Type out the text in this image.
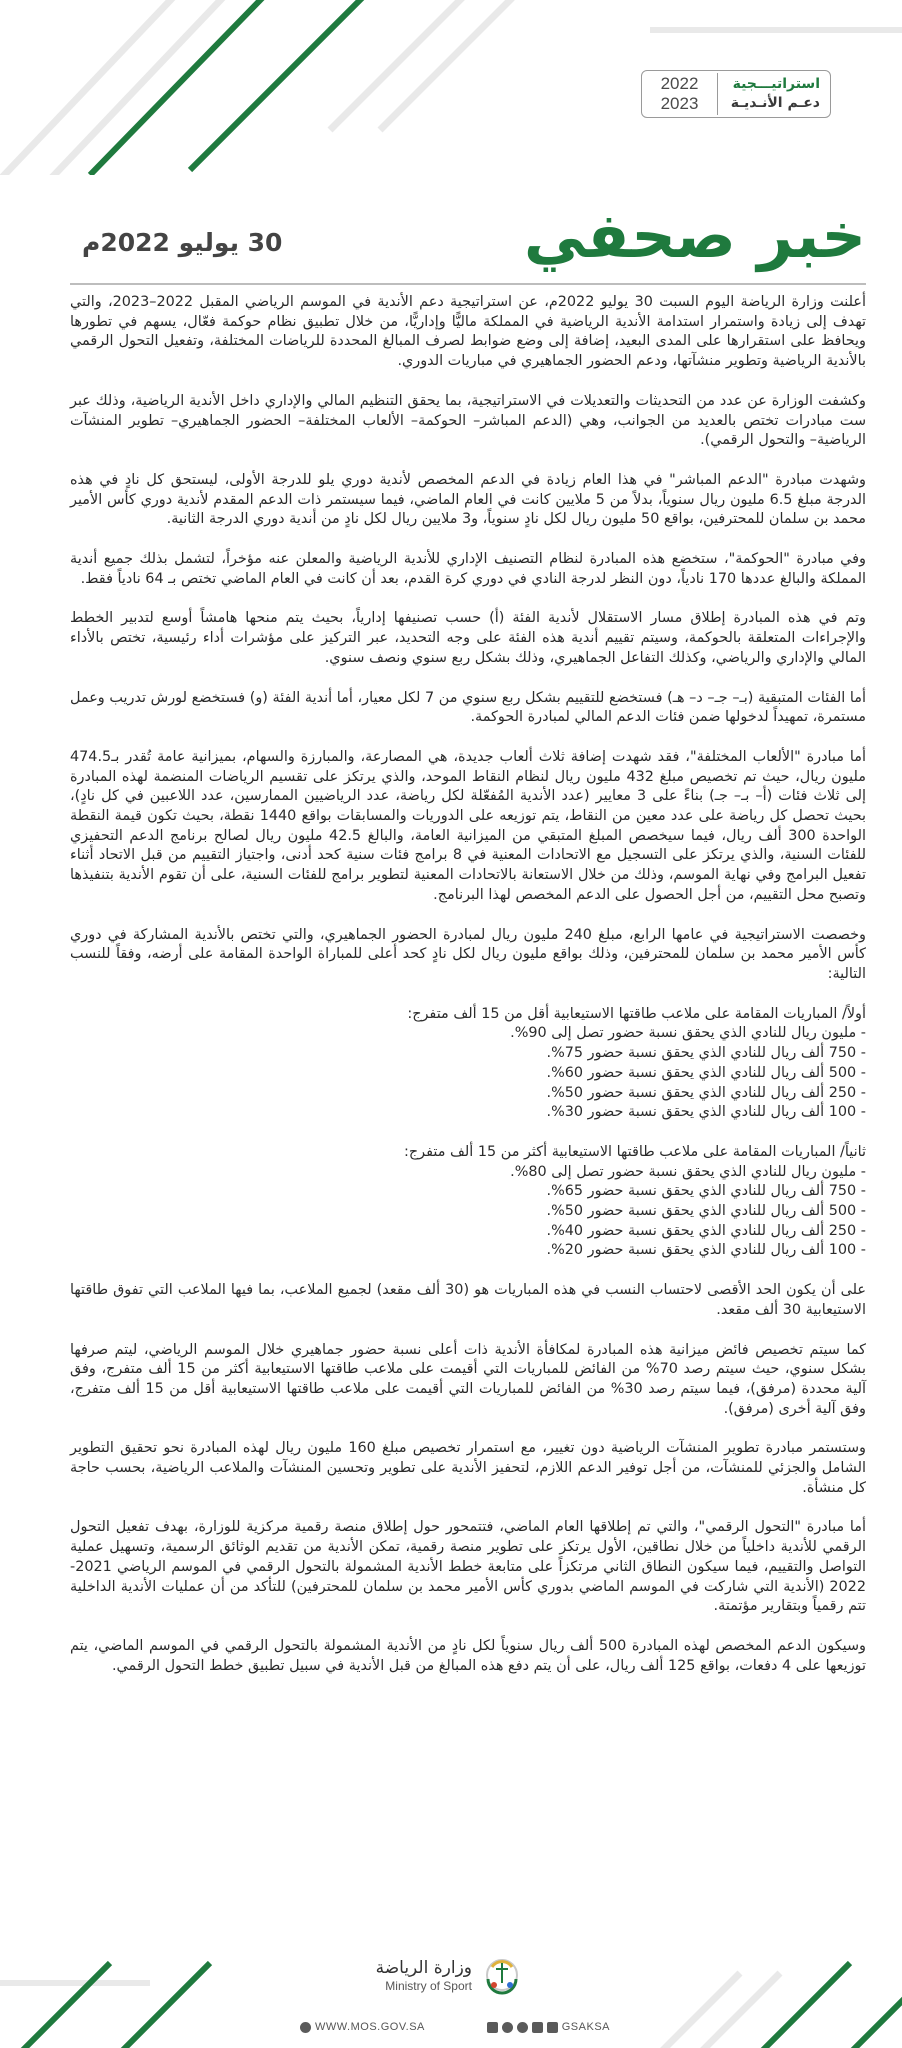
استراتيـــجية
دعـم الأنـديـة
2022
2023
خبر صحفي
30 يوليو 2022م

أعلنت وزارة الرياضة اليوم السبت 30 يوليو 2022م، عن استراتيجية دعم الأندية في الموسم الرياضي المقبل 2022–2023، والتي تهدف إلى زيادة واستمرار استدامة الأندية الرياضية في المملكة ماليًّا وإداريًّا، من خلال تطبيق نظام حوكمة فعّال، يسهم في تطورها ويحافظ على استقرارها على المدى البعيد، إضافة إلى وضع ضوابط لصرف المبالغ المحددة للرياضات المختلفة، وتفعيل التحول الرقمي بالأندية الرياضية وتطوير منشآتها، ودعم الحضور الجماهيري في مباريات الدوري.

وكشفت الوزارة عن عدد من التحديثات والتعديلات في الاستراتيجية، بما يحقق التنظيم المالي والإداري داخل الأندية الرياضية، وذلك عبر ست مبادرات تختص بالعديد من الجوانب، وهي (الدعم المباشر– الحوكمة– الألعاب المختلفة– الحضور الجماهيري– تطوير المنشآت الرياضية– والتحول الرقمي).

وشهدت مبادرة "الدعم المباشر" في هذا العام زيادة في الدعم المخصص لأندية دوري يلو للدرجة الأولى، ليستحق كل نادٍ في هذه الدرجة مبلغ 6.5 مليون ريال سنوياً، بدلاً من 5 ملايين كانت في العام الماضي، فيما سيستمر ذات الدعم المقدم لأندية دوري كأس الأمير محمد بن سلمان للمحترفين، بواقع 50 مليون ريال لكل نادٍ سنوياً، و3 ملايين ريال لكل نادٍ من أندية دوري الدرجة الثانية.

وفي مبادرة "الحوكمة"، ستخضع هذه المبادرة لنظام التصنيف الإداري للأندية الرياضية والمعلن عنه مؤخراً، لتشمل بذلك جميع أندية المملكة والبالغ عددها 170 نادياً، دون النظر لدرجة النادي في دوري كرة القدم، بعد أن كانت في العام الماضي تختص بـ 64 نادياً فقط.

وتم في هذه المبادرة إطلاق مسار الاستقلال لأندية الفئة (أ) حسب تصنيفها إدارياً، بحيث يتم منحها هامشاً أوسع لتدبير الخطط والإجراءات المتعلقة بالحوكمة، وسيتم تقييم أندية هذه الفئة على وجه التحديد، عبر التركيز على مؤشرات أداء رئيسية، تختص بالأداء المالي والإداري والرياضي، وكذلك التفاعل الجماهيري، وذلك بشكل ربع سنوي ونصف سنوي.

أما الفئات المتبقية (بـ– جـ– د– هـ) فستخضع للتقييم بشكل ربع سنوي من 7 لكل معيار، أما أندية الفئة (و) فستخضع لورش تدريب وعمل مستمرة، تمهيداً لدخولها ضمن فئات الدعم المالي لمبادرة الحوكمة.

أما مبادرة "الألعاب المختلفة"، فقد شهدت إضافة ثلاث ألعاب جديدة، هي المصارعة، والمبارزة والسهام، بميزانية عامة تُقدر بـ474.5 مليون ريال، حيث تم تخصيص مبلغ 432 مليون ريال لنظام النقاط الموحد، والذي يرتكز على تقسيم الرياضات المنضمة لهذه المبادرة إلى ثلاث فئات (أ– بـ– جـ) بناءً على 3 معايير (عدد الأندية المُفعّلة لكل رياضة، عدد الرياضيين الممارسين، عدد اللاعبين في كل نادٍ)، بحيث تحصل كل رياضة على عدد معين من النقاط، يتم توزيعه على الدوريات والمسابقات بواقع 1440 نقطة، بحيث تكون قيمة النقطة الواحدة 300 ألف ريال، فيما سيخصص المبلغ المتبقي من الميزانية العامة، والبالغ 42.5 مليون ريال لصالح برنامج الدعم التحفيزي للفئات السنية، والذي يرتكز على التسجيل مع الاتحادات المعنية في 8 برامج فئات سنية كحد أدنى، واجتياز التقييم من قبل الاتحاد أثناء تفعيل البرامج وفي نهاية الموسم، وذلك من خلال الاستعانة بالاتحادات المعنية لتطوير برامج للفئات السنية، على أن تقوم الأندية بتنفيذها وتصبح محل التقييم، من أجل الحصول على الدعم المخصص لهذا البرنامج.

وخصصت الاستراتيجية في عامها الرابع، مبلغ 240 مليون ريال لمبادرة الحضور الجماهيري، والتي تختص بالأندية المشاركة في دوري كأس الأمير محمد بن سلمان للمحترفين، وذلك بواقع مليون ريال لكل نادٍ كحد أعلى للمباراة الواحدة المقامة على أرضه، وفقاً للنسب التالية:

أولاً/ المباريات المقامة على ملاعب طاقتها الاستيعابية أقل من 15 ألف متفرج:

- مليون ريال للنادي الذي يحقق نسبة حضور تصل إلى 90%.
- 750 ألف ريال للنادي الذي يحقق نسبة حضور 75%.
- 500 ألف ريال للنادي الذي يحقق نسبة حضور 60%.
- 250 ألف ريال للنادي الذي يحقق نسبة حضور 50%.
- 100 ألف ريال للنادي الذي يحقق نسبة حضور 30%.

ثانياً/ المباريات المقامة على ملاعب طاقتها الاستيعابية أكثر من 15 ألف متفرج:

- مليون ريال للنادي الذي يحقق نسبة حضور تصل إلى 80%.
- 750 ألف ريال للنادي الذي يحقق نسبة حضور 65%.
- 500 ألف ريال للنادي الذي يحقق نسبة حضور 50%.
- 250 ألف ريال للنادي الذي يحقق نسبة حضور 40%.
- 100 ألف ريال للنادي الذي يحقق نسبة حضور 20%.

على أن يكون الحد الأقصى لاحتساب النسب في هذه المباريات هو (30 ألف مقعد) لجميع الملاعب، بما فيها الملاعب التي تفوق طاقتها الاستيعابية 30 ألف مقعد.

كما سيتم تخصيص فائض ميزانية هذه المبادرة لمكافأة الأندية ذات أعلى نسبة حضور جماهيري خلال الموسم الرياضي، ليتم صرفها بشكل سنوي، حيث سيتم رصد 70% من الفائض للمباريات التي أقيمت على ملاعب طاقتها الاستيعابية أكثر من 15 ألف متفرج، وفق آلية محددة (مرفق)، فيما سيتم رصد 30% من الفائض للمباريات التي أقيمت على ملاعب طاقتها الاستيعابية أقل من 15 ألف متفرج، وفق آلية أخرى (مرفق).

وستستمر مبادرة تطوير المنشآت الرياضية دون تغيير، مع استمرار تخصيص مبلغ 160 مليون ريال لهذه المبادرة نحو تحقيق التطوير الشامل والجزئي للمنشآت، من أجل توفير الدعم اللازم، لتحفيز الأندية على تطوير وتحسين المنشآت والملاعب الرياضية، بحسب حاجة كل منشأة.

أما مبادرة "التحول الرقمي"، والتي تم إطلاقها العام الماضي، فتتمحور حول إطلاق منصة رقمية مركزية للوزارة، بهدف تفعيل التحول الرقمي للأندية داخلياً من خلال نطاقين، الأول يرتكز على تطوير منصة رقمية، تمكن الأندية من تقديم الوثائق الرسمية، وتسهيل عملية التواصل والتقييم، فيما سيكون النطاق الثاني مرتكزاً على متابعة خطط الأندية المشمولة بالتحول الرقمي في الموسم الرياضي 2021- 2022 (الأندية التي شاركت في الموسم الماضي بدوري كأس الأمير محمد بن سلمان للمحترفين) للتأكد من أن عمليات الأندية الداخلية تتم رقمياً وبتقارير مؤتمتة.

وسيكون الدعم المخصص لهذه المبادرة 500 ألف ريال سنوياً لكل نادٍ من الأندية المشمولة بالتحول الرقمي في الموسم الماضي، يتم توزيعها على 4 دفعات، بواقع 125 ألف ريال، على أن يتم دفع هذه المبالغ من قبل الأندية في سبيل تطبيق خطط التحول الرقمي.

وزارة الرياضة
Ministry of Sport
WWW.MOS.GOV.SA	GSAKSA
